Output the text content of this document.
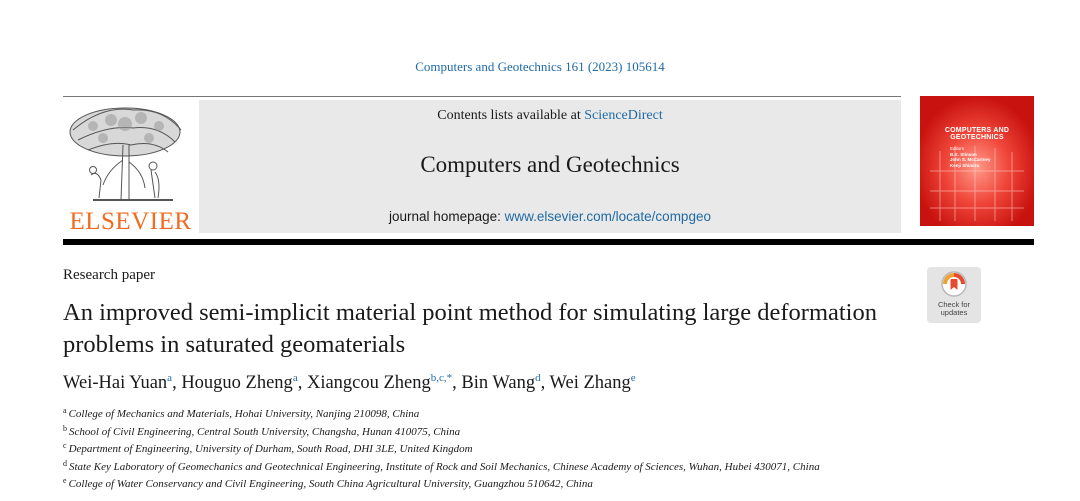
Computers and Geotechnics 161 (2023) 105614
ELSEVIER
Contents lists available at ScienceDirect
Computers and Geotechnics
journal homepage: www.elsevier.com/locate/compgeo
COMPUTERS AND GEOTECHNICS
Editors
B.K. Stinson
John S. McCartney
Kenji Shimizu
Research paper
Check for
updates
An improved semi-implicit material point method for simulating large deformation problems in saturated geomaterials
Wei-Hai Yuan$^a$, Houguo Zheng$^a$, Xiangcou Zheng$^{b,c,*}$, Bin Wang$^d$, Wei Zhang$^e$
$^a$ College of Mechanics and Materials, Hohai University, Nanjing 210098, China
$^b$ School of Civil Engineering, Central South University, Changsha, Hunan 410075, China
$^c$ Department of Engineering, University of Durham, South Road, DHI 3LE, United Kingdom
$^d$ State Key Laboratory of Geomechanics and Geotechnical Engineering, Institute of Rock and Soil Mechanics, Chinese Academy of Sciences, Wuhan, Hubei 430071, China
$^e$ College of Water Conservancy and Civil Engineering, South China Agricultural University, Guangzhou 510642, China
